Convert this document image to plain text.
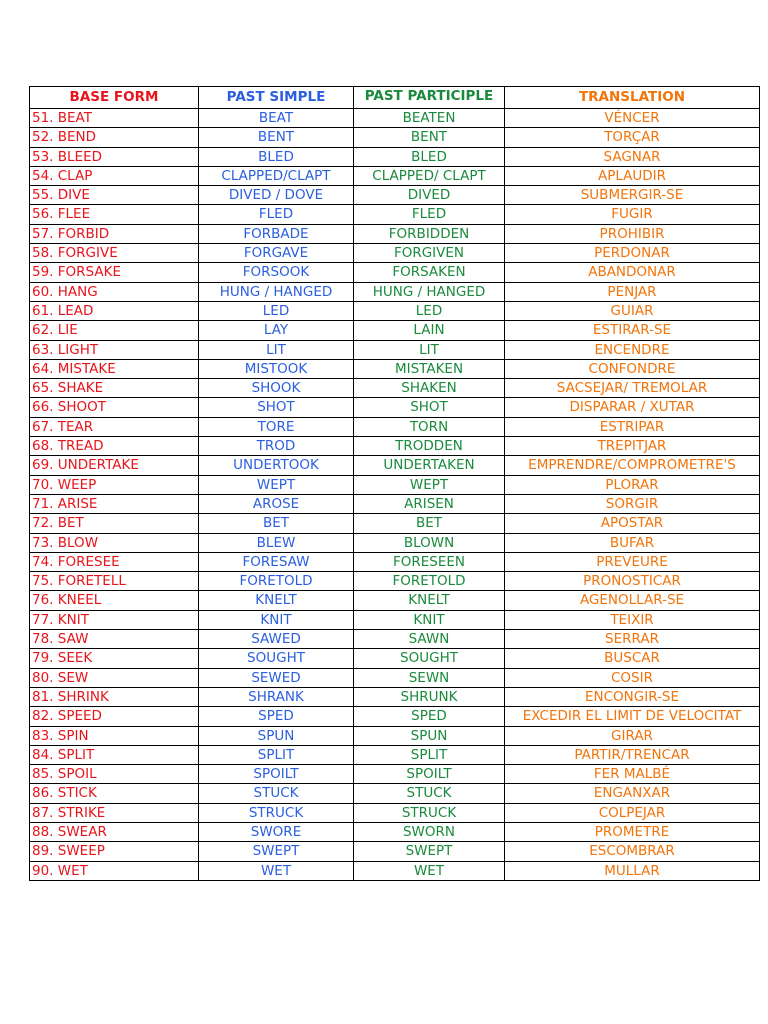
BASE FORM	PAST SIMPLE	PAST PARTICIPLE	TRANSLATION
51. BEAT	BEAT	BEATEN	VÉNCER
52. BEND	BENT	BENT	TORÇAR
53. BLEED	BLED	BLED	SAGNAR
54. CLAP	CLAPPED/CLAPT	CLAPPED/ CLAPT	APLAUDIR
55. DIVE	DIVED / DOVE	DIVED	SUBMERGIR-SE
56. FLEE	FLED	FLED	FUGIR
57. FORBID	FORBADE	FORBIDDEN	PROHIBIR
58. FORGIVE	FORGAVE	FORGIVEN	PERDONAR
59. FORSAKE	FORSOOK	FORSAKEN	ABANDONAR
60. HANG	HUNG / HANGED	HUNG / HANGED	PENJAR
61. LEAD	LED	LED	GUIAR
62. LIE	LAY	LAIN	ESTIRAR-SE
63. LIGHT	LIT	LIT	ENCENDRE
64. MISTAKE	MISTOOK	MISTAKEN	CONFONDRE
65. SHAKE	SHOOK	SHAKEN	SACSEJAR/ TREMOLAR
66. SHOOT	SHOT	SHOT	DISPARAR / XUTAR
67. TEAR	TORE	TORN	ESTRIPAR
68. TREAD	TROD	TRODDEN	TREPITJAR
69. UNDERTAKE	UNDERTOOK	UNDERTAKEN	EMPRENDRE/COMPROMETRE'S
70. WEEP	WEPT	WEPT	PLORAR
71. ARISE	AROSE	ARISEN	SORGIR
72. BET	BET	BET	APOSTAR
73. BLOW	BLEW	BLOWN	BUFAR
74. FORESEE	FORESAW	FORESEEN	PREVEURE
75. FORETELL	FORETOLD	FORETOLD	PRONOSTICAR
76. KNEEL	KNELT	KNELT	AGENOLLAR-SE
77. KNIT	KNIT	KNIT	TEIXIR
78. SAW	SAWED	SAWN	SERRAR
79. SEEK	SOUGHT	SOUGHT	BUSCAR
80. SEW	SEWED	SEWN	COSIR
81. SHRINK	SHRANK	SHRUNK	ENCONGIR-SE
82. SPEED	SPED	SPED	EXCEDIR EL LIMIT DE VELOCITAT
83. SPIN	SPUN	SPUN	GIRAR
84. SPLIT	SPLIT	SPLIT	PARTIR/TRENCAR
85. SPOIL	SPOILT	SPOILT	FER MALBÉ
86. STICK	STUCK	STUCK	ENGANXAR
87. STRIKE	STRUCK	STRUCK	COLPEJAR
88. SWEAR	SWORE	SWORN	PROMETRE
89. SWEEP	SWEPT	SWEPT	ESCOMBRAR
90. WET	WET	WET	MULLAR
